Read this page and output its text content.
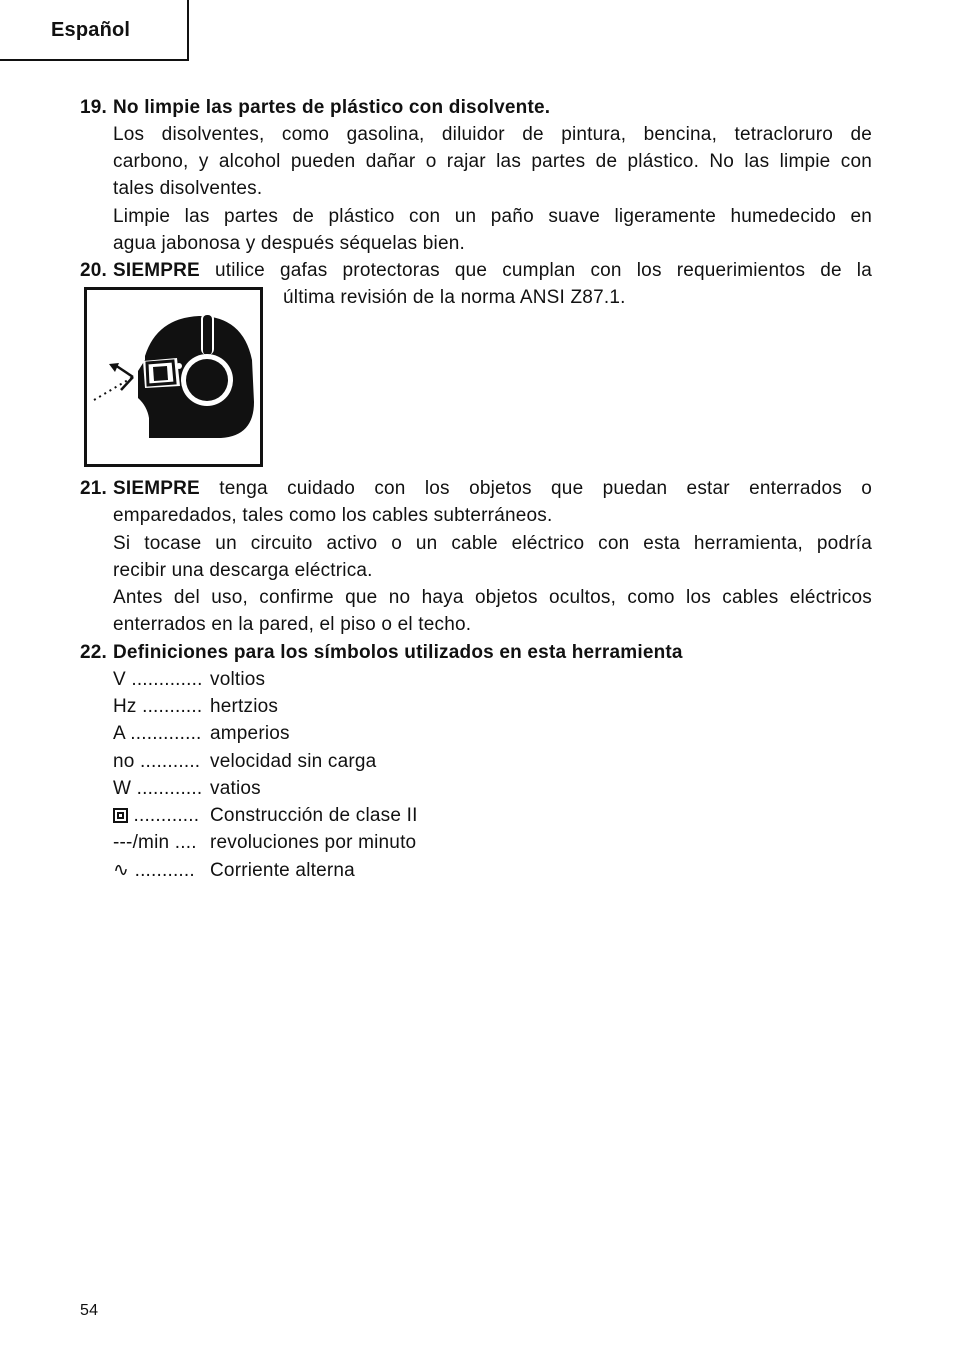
Español
19. No limpie las partes de plástico con disolvente.
Los disolventes, como gasolina, diluidor de pintura, bencina, tetracloruro de
carbono, y alcohol pueden dañar o rajar las partes de plástico. No las limpie con
tales disolventes.
Limpie las partes de plástico con un paño suave ligeramente humedecido en
agua jabonosa y después séquelas bien.
20. SIEMPRE utilice gafas protectoras que cumplan con los requerimientos de la
última revisión de la norma ANSI Z87.1.
21. SIEMPRE tenga cuidado con los objetos que puedan estar enterrados o
emparedados, tales como los cables subterráneos.
Si tocase un circuito activo o un cable eléctrico con esta herramienta, podría
recibir una descarga eléctrica.
Antes del uso, confirme que no haya objetos ocultos, como los cables eléctricos
enterrados en la pared, el piso o el techo.
22. Definiciones para los símbolos utilizados en esta herramienta
V ............. voltios
Hz ........... hertzios
A ............. amperios
no ........... velocidad sin carga
W ............ vatios
............ Construcción de clase II
---/min .... revoluciones por minuto
∿ ........... Corriente alterna
54
